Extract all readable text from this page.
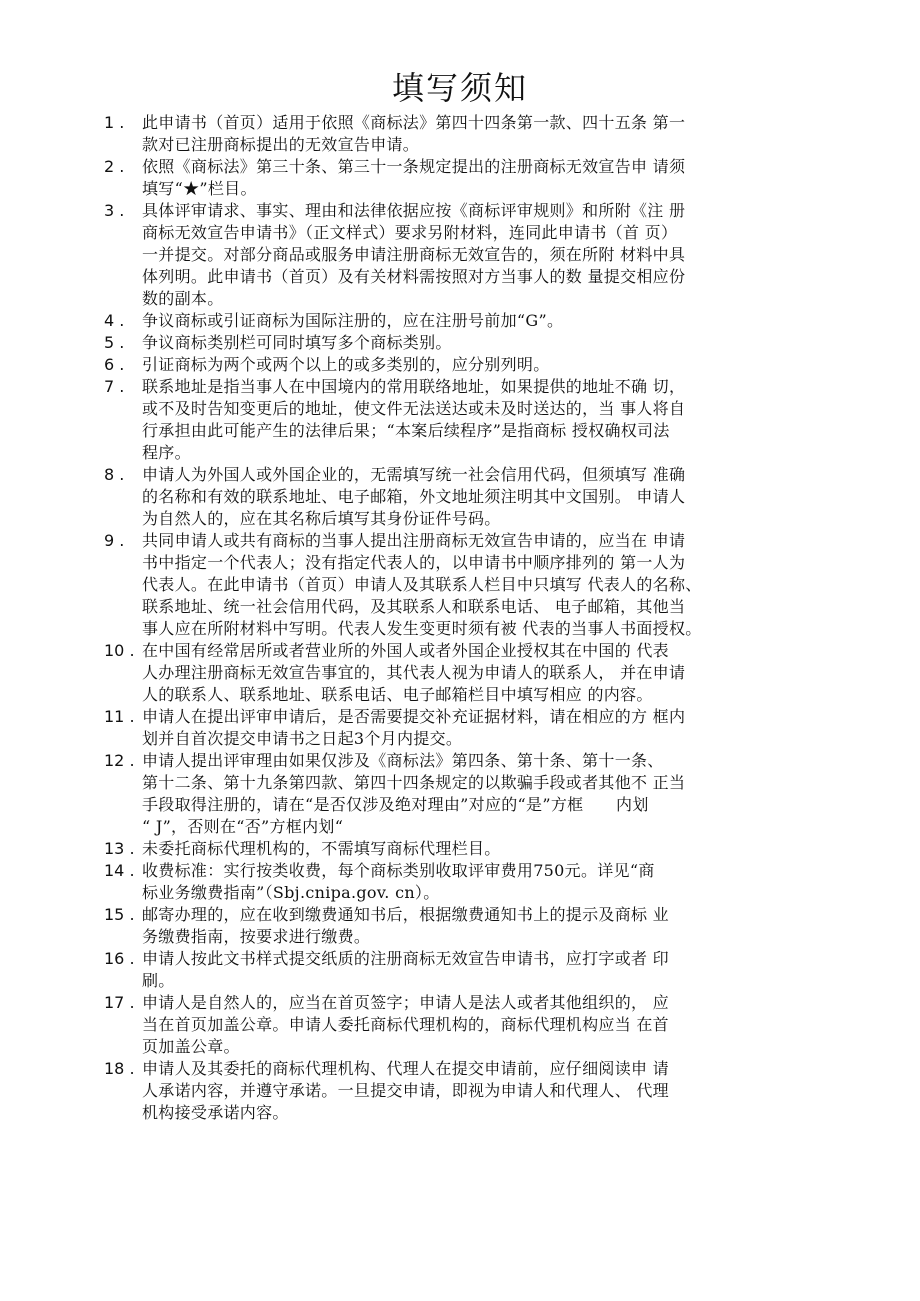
填写须知
1 .	此申请书（首页）适用于依照《商标法》第四十四条第一款、四十五条 第一
款对已注册商标提出的无效宣告申请。
2 .	依照《商标法》第三十条、第三十一条规定提出的注册商标无效宣告申 请须
填写“★”栏目。
3 .	具体评审请求、事实、理由和法律依据应按《商标评审规则》和所附《注 册
商标无效宣告申请书》（正文样式）要求另附材料，连同此申请书（首 页）
一并提交。对部分商品或服务申请注册商标无效宣告的，须在所附 材料中具
体列明。此申请书（首页）及有关材料需按照对方当事人的数 量提交相应份
数的副本。
4 .	争议商标或引证商标为国际注册的，应在注册号前加“G”。
5 .	争议商标类别栏可同时填写多个商标类别。
6 .	引证商标为两个或两个以上的或多类别的，应分别列明。
7 .	联系地址是指当事人在中国境内的常用联络地址，如果提供的地址不确 切，
或不及时告知变更后的地址，使文件无法送达或未及时送达的，当 事人将自
行承担由此可能产生的法律后果；“本案后续程序”是指商标 授权确权司法
程序。
8 .	申请人为外国人或外国企业的，无需填写统一社会信用代码，但须填写 准确
的名称和有效的联系地址、电子邮箱，外文地址须注明其中文国别。 申请人
为自然人的，应在其名称后填写其身份证件号码。
9 .	共同申请人或共有商标的当事人提出注册商标无效宣告申请的，应当在 申请
书中指定一个代表人；没有指定代表人的，以申请书中顺序排列的 第一人为
代表人。在此申请书（首页）申请人及其联系人栏目中只填写 代表人的名称、
联系地址、统一社会信用代码，及其联系人和联系电话、 电子邮箱，其他当
事人应在所附材料中写明。代表人发生变更时须有被 代表的当事人书面授权。
10 . 在中国有经常居所或者营业所的外国人或者外国企业授权其在中国的 代表
人办理注册商标无效宣告事宜的，其代表人视为申请人的联系人， 并在申请
人的联系人、联系地址、联系电话、电子邮箱栏目中填写相应 的内容。
11 . 申请人在提出评审申请后，是否需要提交补充证据材料，请在相应的方 框内
划并自首次提交申请书之日起3个月内提交。
12 . 申请人提出评审理由如果仅涉及《商标法》第四条、第十条、第十一条、
第十二条、第十九条第四款、第四十四条规定的以欺骗手段或者其他不 正当
手段取得注册的，请在“是否仅涉及绝对理由”对应的“是”方框　　内划
“ J”，否则在“否”方框内划“
13 . 未委托商标代理机构的，不需填写商标代理栏目。
14 . 收费标准：实行按类收费，每个商标类别收取评审费用750元。详见“商
标业务缴费指南”（Sbj.cnipa.gov. cn）。
15 . 邮寄办理的，应在收到缴费通知书后，根据缴费通知书上的提示及商标 业
务缴费指南，按要求进行缴费。
16 . 申请人按此文书样式提交纸质的注册商标无效宣告申请书，应打字或者 印
刷。
17 . 申请人是自然人的，应当在首页签字；申请人是法人或者其他组织的， 应
当在首页加盖公章。申请人委托商标代理机构的，商标代理机构应当 在首
页加盖公章。
18 . 申请人及其委托的商标代理机构、代理人在提交申请前，应仔细阅读申 请
人承诺内容，并遵守承诺。一旦提交申请，即视为申请人和代理人、 代理
机构接受承诺内容。
